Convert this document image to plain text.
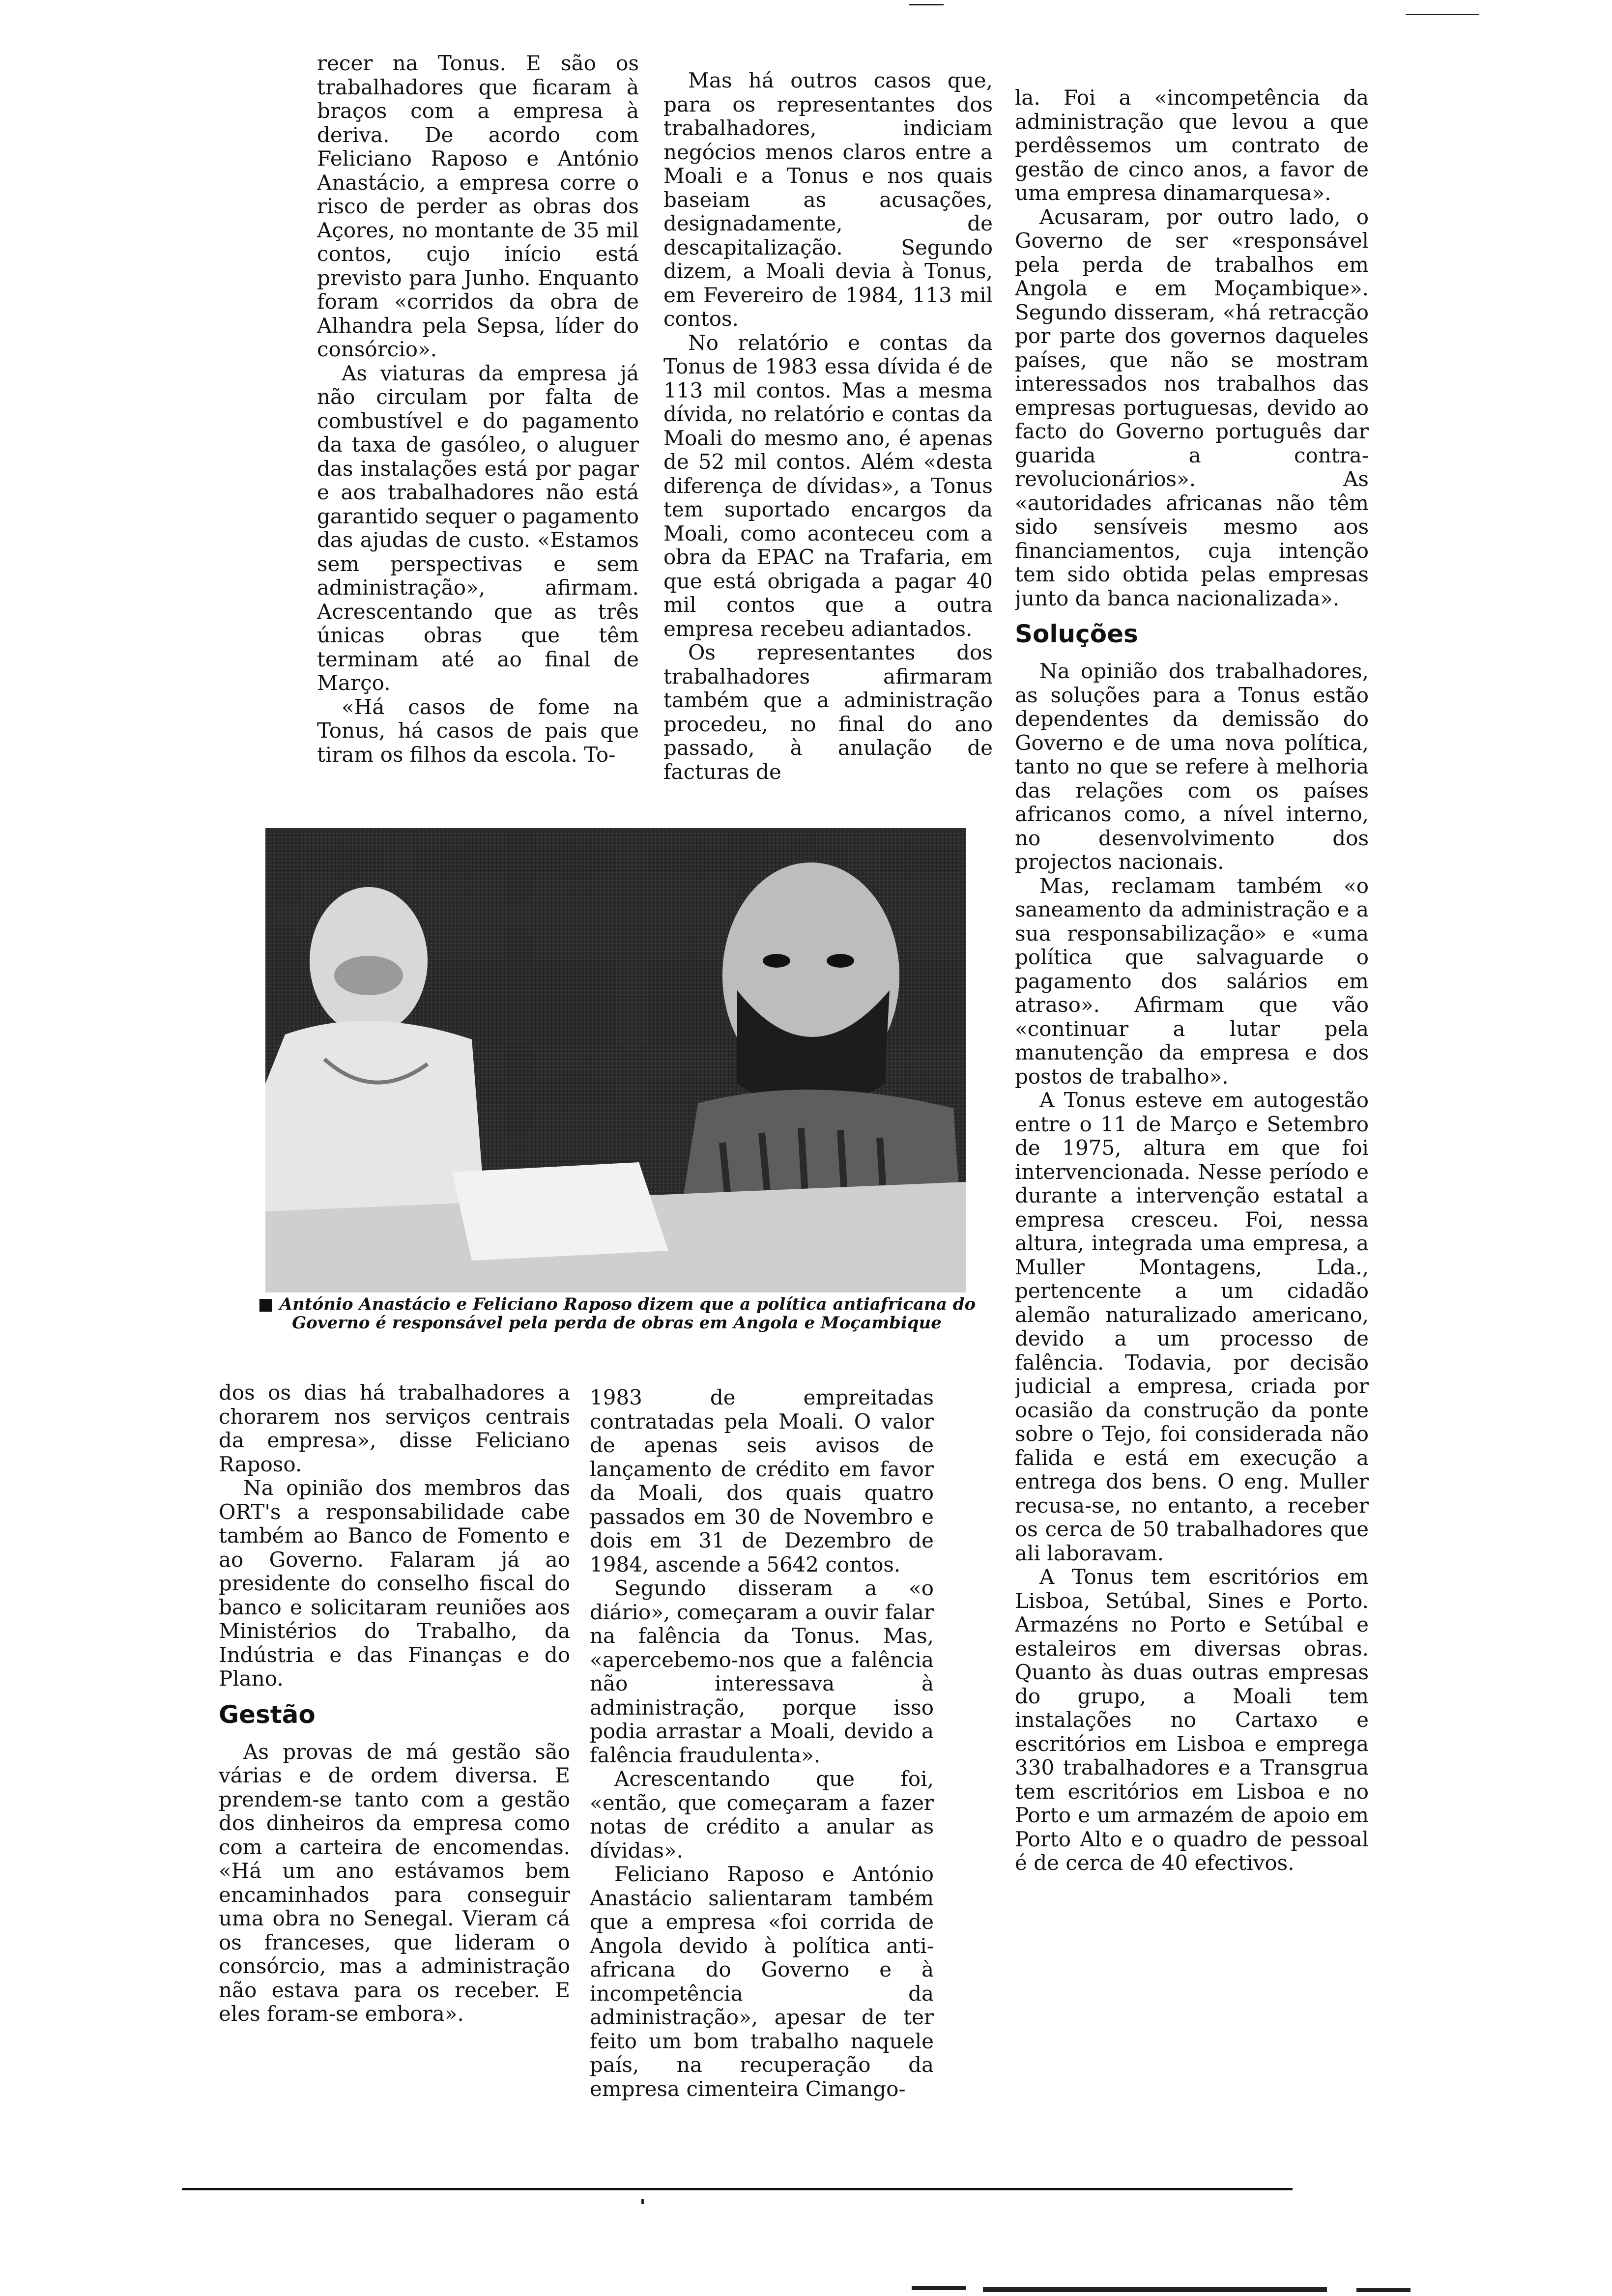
recer na Tonus. E são os trabalhadores que ficaram à braços com a empresa à deriva. De acordo com Feliciano Raposo e António Anastácio, a empresa corre o risco de perder as obras dos Açores, no montante de 35 mil contos, cujo início está previsto para Junho. Enquanto foram «corridos da obra de Alhandra pela Sepsa, líder do consórcio».

As viaturas da empresa já não circulam por falta de combustível e do pagamento da taxa de gasóleo, o aluguer das instalações está por pagar e aos trabalhadores não está garantido sequer o pagamento das ajudas de custo. «Estamos sem perspectivas e sem administração», afirmam. Acrescentando que as três únicas obras que têm terminam até ao final de Março.

«Há casos de fome na Tonus, há casos de pais que tiram os filhos da escola. To-

Mas há outros casos que, para os representantes dos trabalhadores, indiciam negócios menos claros entre a Moali e a Tonus e nos quais baseiam as acusações, designadamente, de descapitalização. Segundo dizem, a Moali devia à Tonus, em Fevereiro de 1984, 113 mil contos.

No relatório e contas da Tonus de 1983 essa dívida é de 113 mil contos. Mas a mesma dívida, no relatório e contas da Moali do mesmo ano, é apenas de 52 mil contos. Além «desta diferença de dívidas», a Tonus tem suportado encargos da Moali, como aconteceu com a obra da EPAC na Trafaria, em que está obrigada a pagar 40 mil contos que a outra empresa recebeu adiantados.

Os representantes dos trabalhadores afirmaram também que a administração procedeu, no final do ano passado, à anulação de facturas de

la. Foi a «incompetência da administração que levou a que perdêssemos um contrato de gestão de cinco anos, a favor de uma empresa dinamarquesa».

Acusaram, por outro lado, o Governo de ser «responsável pela perda de trabalhos em Angola e em Moçambique». Segundo disseram, «há retracção por parte dos governos daqueles países, que não se mostram interessados nos trabalhos das empresas portuguesas, devido ao facto do Governo português dar guarida a contra-revolucionários». As «autoridades africanas não têm sido sensíveis mesmo aos financiamentos, cuja intenção tem sido obtida pelas empresas junto da banca nacionalizada».

Soluções

Na opinião dos trabalhadores, as soluções para a Tonus estão dependentes da demissão do Governo e de uma nova política, tanto no que se refere à melhoria das relações com os países africanos como, a nível interno, no desenvolvimento dos projectos nacionais.

Mas, reclamam também «o saneamento da administração e a sua responsabilização» e «uma política que salvaguarde o pagamento dos salários em atraso». Afirmam que vão «continuar a lutar pela manutenção da empresa e dos postos de trabalho».

A Tonus esteve em autogestão entre o 11 de Março e Setembro de 1975, altura em que foi intervencionada. Nesse período e durante a intervenção estatal a empresa cresceu. Foi, nessa altura, integrada uma empresa, a Muller Montagens, Lda., pertencente a um cidadão alemão naturalizado americano, devido a um processo de falência. Todavia, por decisão judicial a empresa, criada por ocasião da construção da ponte sobre o Tejo, foi considerada não falida e está em execução a entrega dos bens. O eng. Muller recusa-se, no entanto, a receber os cerca de 50 trabalhadores que ali laboravam.

A Tonus tem escritórios em Lisboa, Setúbal, Sines e Porto. Armazéns no Porto e Setúbal e estaleiros em diversas obras. Quanto às duas outras empresas do grupo, a Moali tem instalações no Cartaxo e escritórios em Lisboa e emprega 330 trabalhadores e a Transgrua tem escritórios em Lisboa e no Porto e um armazém de apoio em Porto Alto e o quadro de pessoal é de cerca de 40 efectivos.

■ António Anastácio e Feliciano Raposo dizem que a política antiafricana do Governo é responsável pela perda de obras em Angola e Moçambique

dos os dias há trabalhadores a chorarem nos serviços centrais da empresa», disse Feliciano Raposo.

Na opinião dos membros das ORT's a responsabilidade cabe também ao Banco de Fomento e ao Governo. Falaram já ao presidente do conselho fiscal do banco e solicitaram reuniões aos Ministérios do Trabalho, da Indústria e das Finanças e do Plano.

Gestão

As provas de má gestão são várias e de ordem diversa. E prendem-se tanto com a gestão dos dinheiros da empresa como com a carteira de encomendas. «Há um ano estávamos bem encaminhados para conseguir uma obra no Senegal. Vieram cá os franceses, que lideram o consórcio, mas a administração não estava para os receber. E eles foram-se embora».

1983 de empreitadas contratadas pela Moali. O valor de apenas seis avisos de lançamento de crédito em favor da Moali, dos quais quatro passados em 30 de Novembro e dois em 31 de Dezembro de 1984, ascende a 5642 contos.

Segundo disseram a «o diário», começaram a ouvir falar na falência da Tonus. Mas, «apercebemo-nos que a falência não interessava à administração, porque isso podia arrastar a Moali, devido a falência fraudulenta».

Acrescentando que foi, «então, que começaram a fazer notas de crédito a anular as dívidas».

Feliciano Raposo e António Anastácio salientaram também que a empresa «foi corrida de Angola devido à política anti-africana do Governo e à incompetência da administração», apesar de ter feito um bom trabalho naquele país, na recuperação da empresa cimenteira Cimango-
